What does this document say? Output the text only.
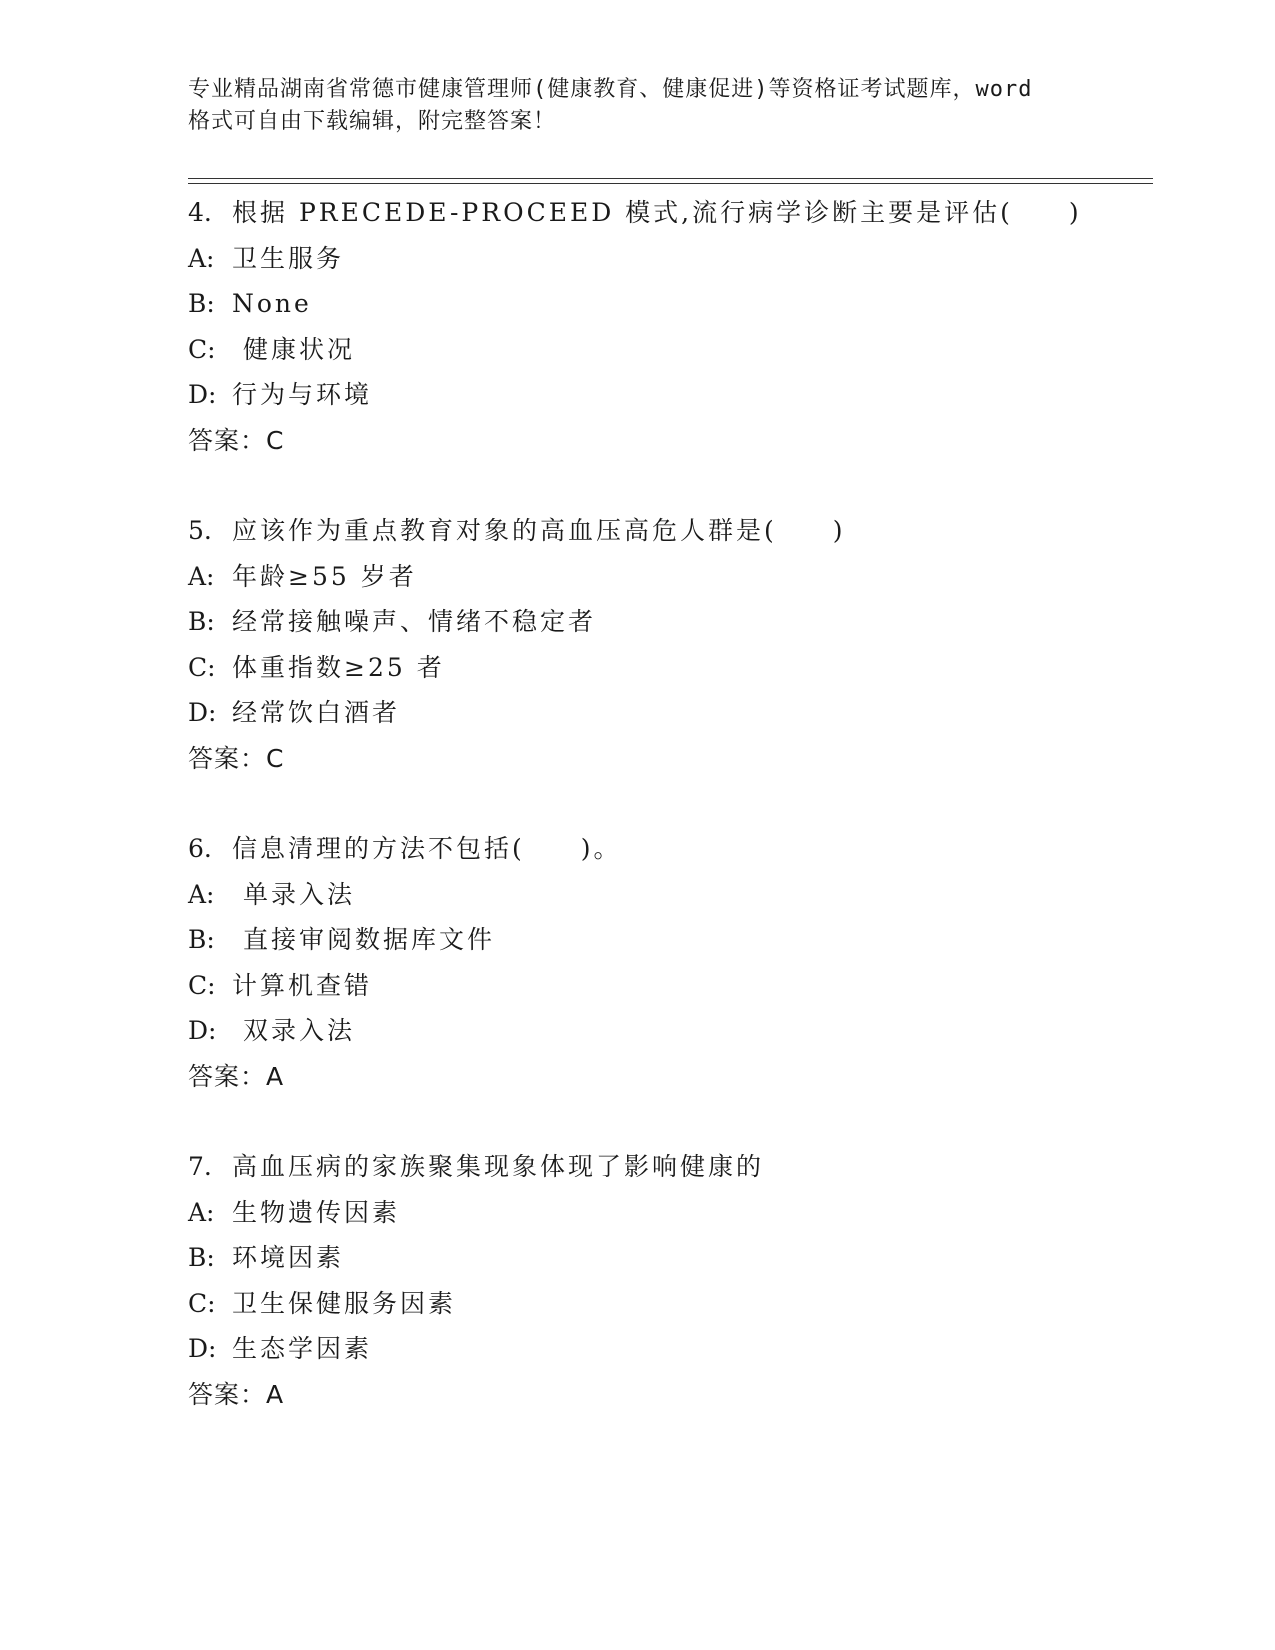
专业精品湖南省常德市健康管理师(健康教育、健康促进)等资格证考试题库，word
格式可自由下载编辑，附完整答案！
4. 根据 PRECEDE-PROCEED 模式,流行病学诊断主要是评估(　　)
A: 卫生服务
B: None
C: 健康状况
D: 行为与环境
答案：C
5. 应该作为重点教育对象的高血压高危人群是(　　)
A: 年龄≥55 岁者
B: 经常接触噪声、情绪不稳定者
C: 体重指数≥25 者
D: 经常饮白酒者
答案：C
6. 信息清理的方法不包括(　　)。
A: 单录入法
B: 直接审阅数据库文件
C: 计算机查错
D: 双录入法
答案：A
7. 高血压病的家族聚集现象体现了影响健康的
A: 生物遗传因素
B: 环境因素
C: 卫生保健服务因素
D: 生态学因素
答案：A
